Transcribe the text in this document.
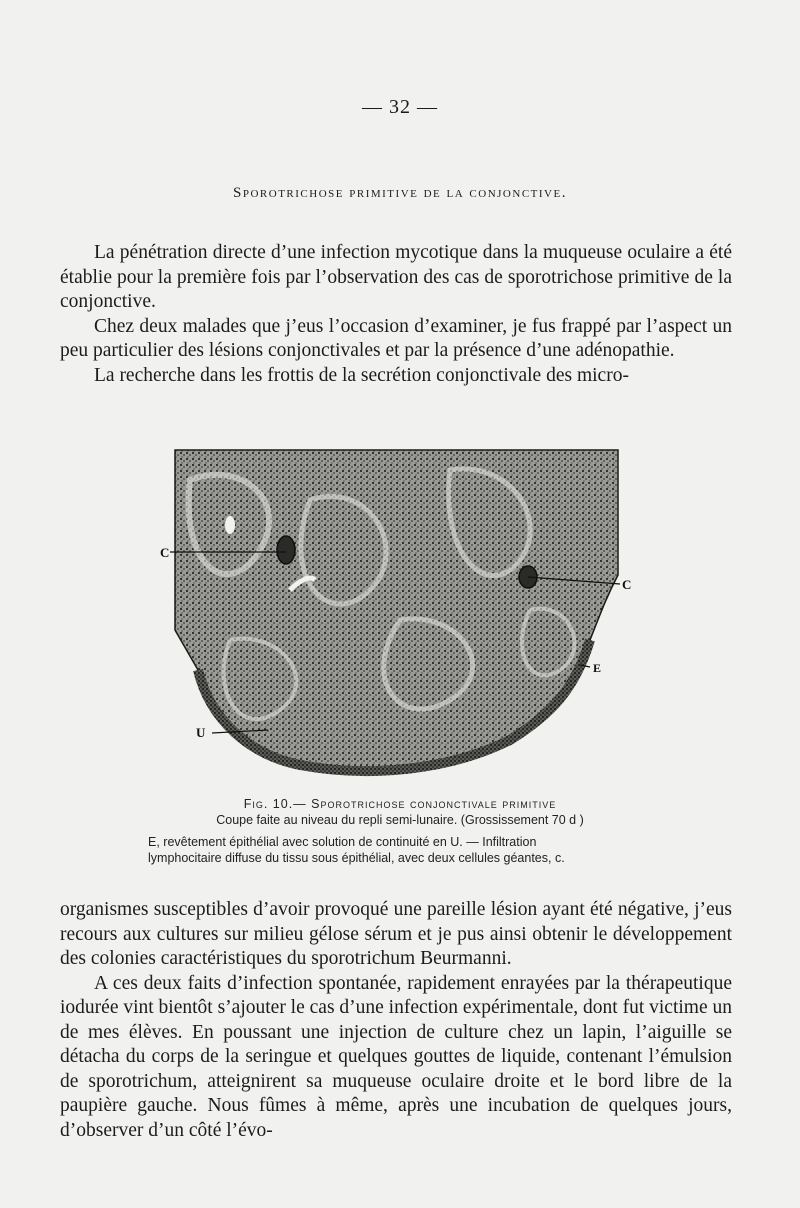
— 32 —
Sporotrichose primitive de la conjonctive.

La pénétration directe d’une infection mycotique dans la muqueuse oculaire a été établie pour la première fois par l’observation des cas de sporotrichose primitive de la conjonctive.

Chez deux malades que j’eus l’occasion d’examiner, je fus frappé par l’aspect un peu particulier des lésions conjonctivales et par la présence d’une adénopathie.

La recherche dans les frottis de la secrétion conjonctivale des micro-

C
C
E
U
Fig. 10.— Sporotrichose conjonctivale primitive
Coupe faite au niveau du repli semi-lunaire. (Grossissement 70 d )
E, revêtement épithélial avec solution de continuité en U. — Infiltration
lymphocitaire diffuse du tissu sous épithélial, avec deux cellules géantes, c.

organismes susceptibles d’avoir provoqué une pareille lésion ayant été négative, j’eus recours aux cultures sur milieu gélose sérum et je pus ainsi obtenir le développement des colonies caractéristiques du sporotrichum Beurmanni.

A ces deux faits d’infection spontanée, rapidement enrayées par la thérapeutique iodurée vint bientôt s’ajouter le cas d’une infection expérimentale, dont fut victime un de mes élèves. En poussant une injection de culture chez un lapin, l’aiguille se détacha du corps de la seringue et quelques gouttes de liquide, contenant l’émulsion de sporotrichum, atteignirent sa muqueuse oculaire droite et le bord libre de la paupière gauche. Nous fûmes à même, après une incubation de quelques jours, d’observer d’un côté l’évo-
